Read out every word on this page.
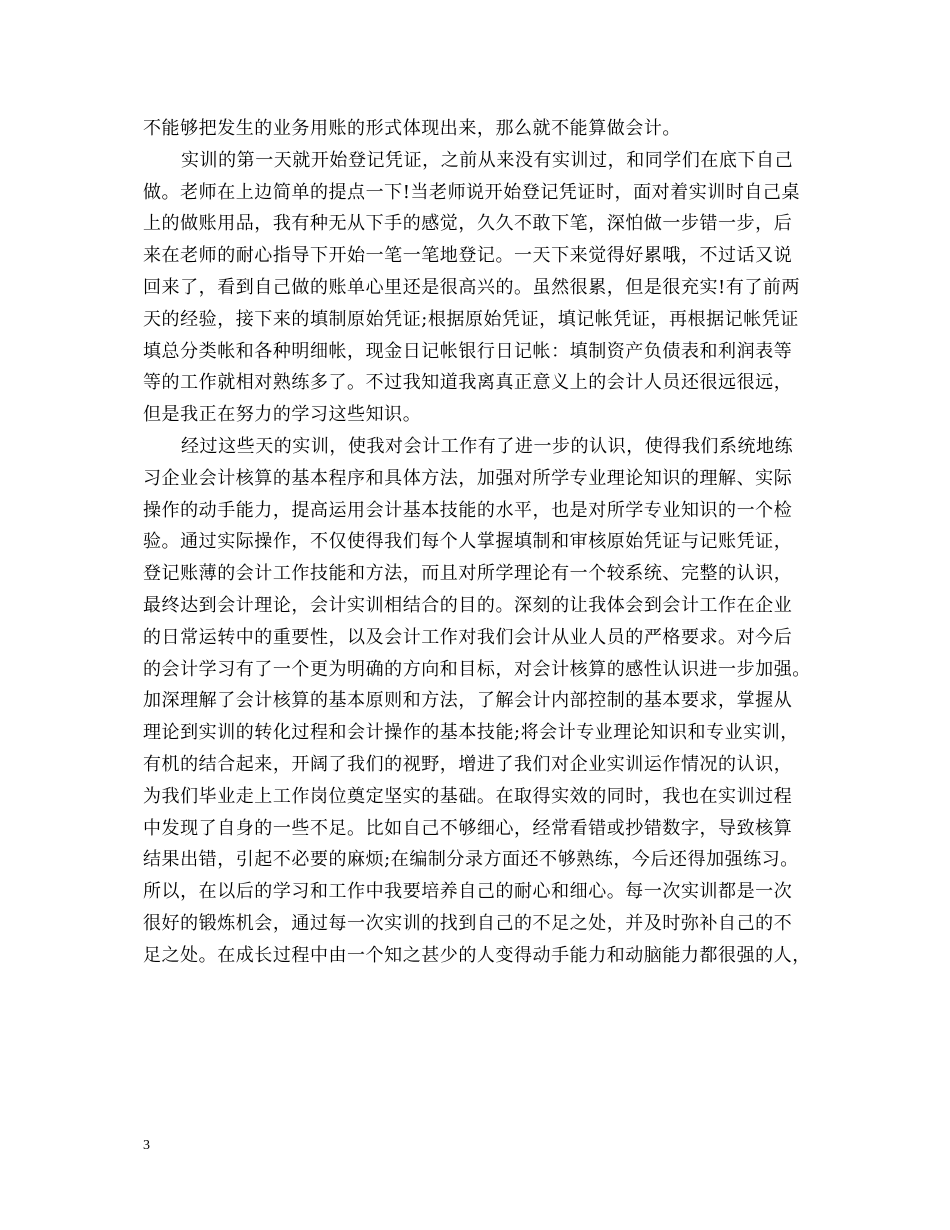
不能够把发生的业务用账的形式体现出来，那么就不能算做会计。
实训的第一天就开始登记凭证，之前从来没有实训过，和同学们在底下自己
做。老师在上边简单的提点一下!当老师说开始登记凭证时，面对着实训时自己桌
上的做账用品，我有种无从下手的感觉，久久不敢下笔，深怕做一步错一步，后
来在老师的耐心指导下开始一笔一笔地登记。一天下来觉得好累哦，不过话又说
回来了，看到自己做的账单心里还是很高兴的。虽然很累，但是很充实!有了前两
天的经验，接下来的填制原始凭证;根据原始凭证，填记帐凭证，再根据记帐凭证
填总分类帐和各种明细帐，现金日记帐银行日记帐：填制资产负债表和利润表等
等的工作就相对熟练多了。不过我知道我离真正意义上的会计人员还很远很远，
但是我正在努力的学习这些知识。
经过这些天的实训，使我对会计工作有了进一步的认识，使得我们系统地练
习企业会计核算的基本程序和具体方法，加强对所学专业理论知识的理解、实际
操作的动手能力，提高运用会计基本技能的水平，也是对所学专业知识的一个检
验。通过实际操作，不仅使得我们每个人掌握填制和审核原始凭证与记账凭证，
登记账薄的会计工作技能和方法，而且对所学理论有一个较系统、完整的认识，
最终达到会计理论，会计实训相结合的目的。深刻的让我体会到会计工作在企业
的日常运转中的重要性，以及会计工作对我们会计从业人员的严格要求。对今后
的会计学习有了一个更为明确的方向和目标，对会计核算的感性认识进一步加强。
加深理解了会计核算的基本原则和方法，了解会计内部控制的基本要求，掌握从
理论到实训的转化过程和会计操作的基本技能;将会计专业理论知识和专业实训，
有机的结合起来，开阔了我们的视野，增进了我们对企业实训运作情况的认识，
为我们毕业走上工作岗位奠定坚实的基础。在取得实效的同时，我也在实训过程
中发现了自身的一些不足。比如自己不够细心，经常看错或抄错数字，导致核算
结果出错，引起不必要的麻烦;在编制分录方面还不够熟练，今后还得加强练习。
所以，在以后的学习和工作中我要培养自己的耐心和细心。每一次实训都是一次
很好的锻炼机会，通过每一次实训的找到自己的不足之处，并及时弥补自己的不
足之处。在成长过程中由一个知之甚少的人变得动手能力和动脑能力都很强的人，
3
